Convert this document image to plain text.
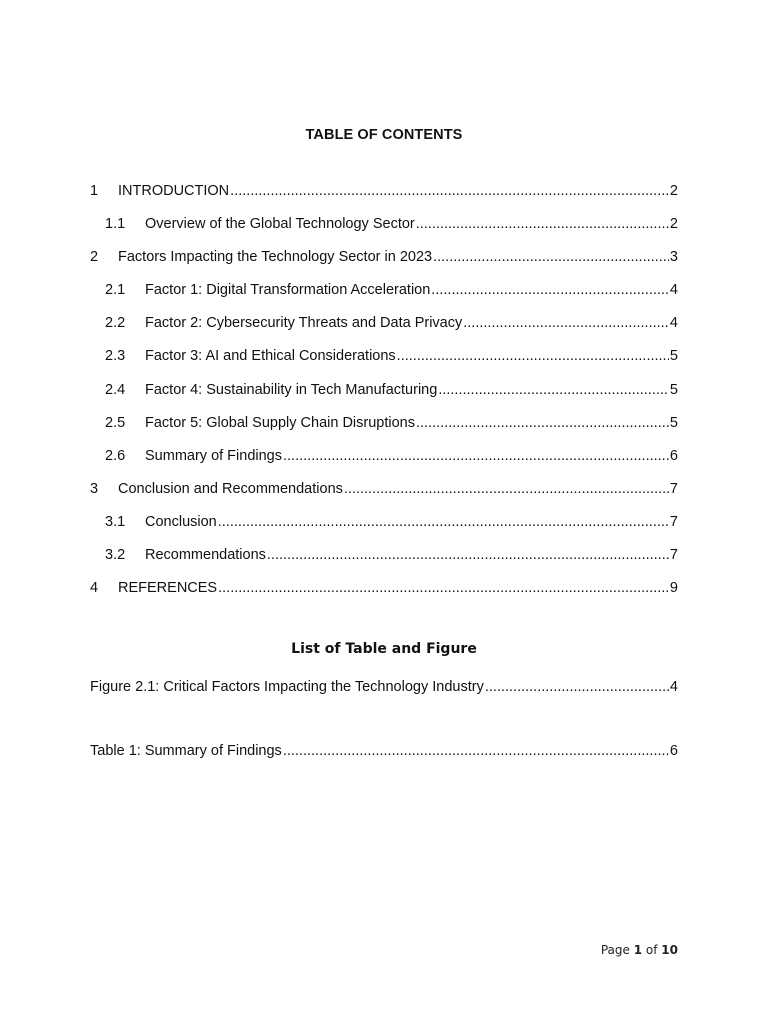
TABLE OF CONTENTS
1	INTRODUCTION .....	2
1.1	Overview of the Global Technology Sector .....	2
2	Factors Impacting the Technology Sector in 2023 .....	3
2.1	Factor 1: Digital Transformation Acceleration .....	4
2.2	Factor 2: Cybersecurity Threats and Data Privacy .....	4
2.3	Factor 3: AI and Ethical Considerations .....	5
2.4	Factor 4: Sustainability in Tech Manufacturing .....	5
2.5	Factor 5: Global Supply Chain Disruptions .....	5
2.6	Summary of Findings .....	6
3	Conclusion and Recommendations .....	7
3.1	Conclusion .....	7
3.2	Recommendations .....	7
4	REFERENCES .....	9
List of Table and Figure
Figure 2.1: Critical Factors Impacting the Technology Industry .....	4
Table 1: Summary of Findings .....	6
Page 1 of 10
